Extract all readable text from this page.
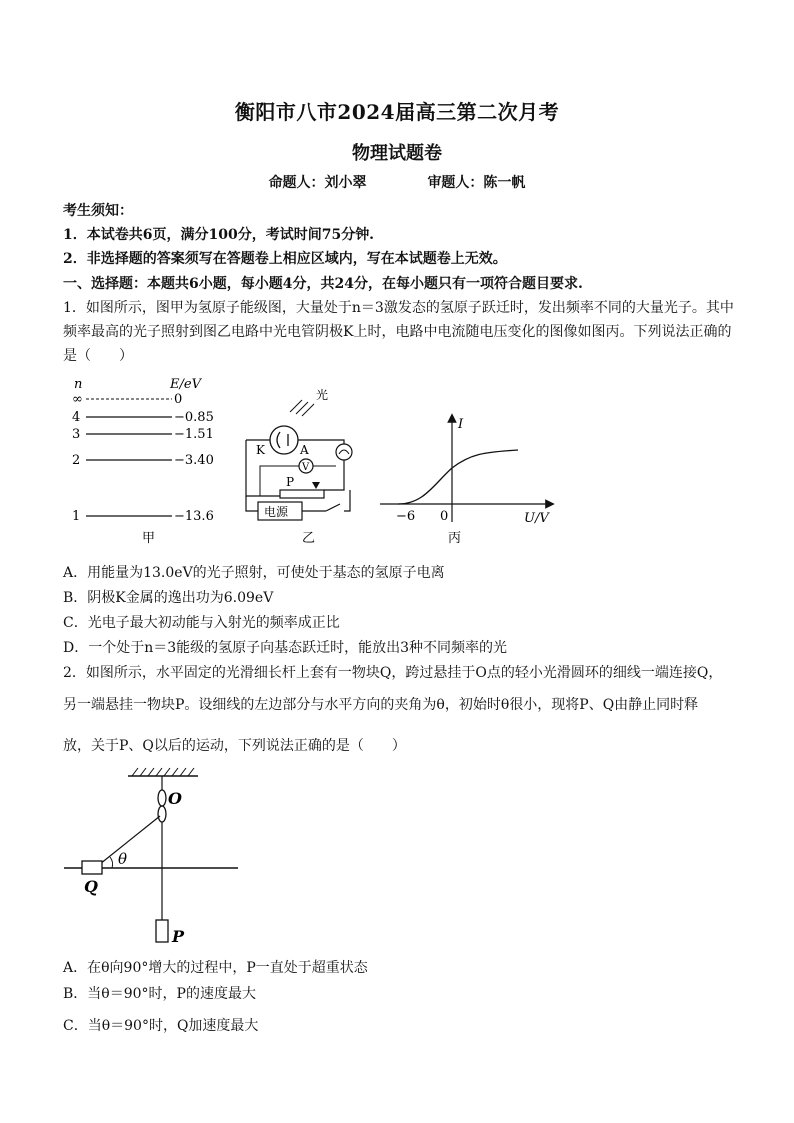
衡阳市八市2024届高三第二次月考
物理试题卷
命题人：刘小翠	审题人：陈一帆
考生须知：
1．本试卷共6页，满分100分，考试时间75分钟.
2．非选择题的答案须写在答题卷上相应区域内，写在本试题卷上无效。
一、选择题：本题共6小题，每小题4分，共24分，在每小题只有一项符合题目要求.
1．如图所示，图甲为氢原子能级图，大量处于n＝3激发态的氢原子跃迁时，发出频率不同的大量光子。其中频率最高的光子照射到图乙电路中光电管阴极K上时，电路中电流随电压变化的图像如图丙。下列说法正确的是（　　）
n	E/eV
∞	0
4	−0.85
3	−1.51
2	−3.40
1	−13.6
甲
光
K	A
V
P
电源
乙
I
U/V
−6 0
丙
A．用能量为13.0eV的光子照射，可使处于基态的氢原子电离
B．阴极K金属的逸出功为6.09eV
C．光电子最大初动能与入射光的频率成正比
D．一个处于n＝3能级的氢原子向基态跃迁时，能放出3种不同频率的光
2．如图所示，水平固定的光滑细长杆上套有一物块Q，跨过悬挂于O点的轻小光滑圆环的细线一端连接Q，
另一端悬挂一物块P。设细线的左边部分与水平方向的夹角为θ，初始时θ很小，现将P、Q由静止同时释
放，关于P、Q以后的运动，下列说法正确的是（　　）
O
Q
θ
P
A．在θ向90°增大的过程中，P一直处于超重状态
B．当θ＝90°时，P的速度最大
C．当θ＝90°时，Q加速度最大
